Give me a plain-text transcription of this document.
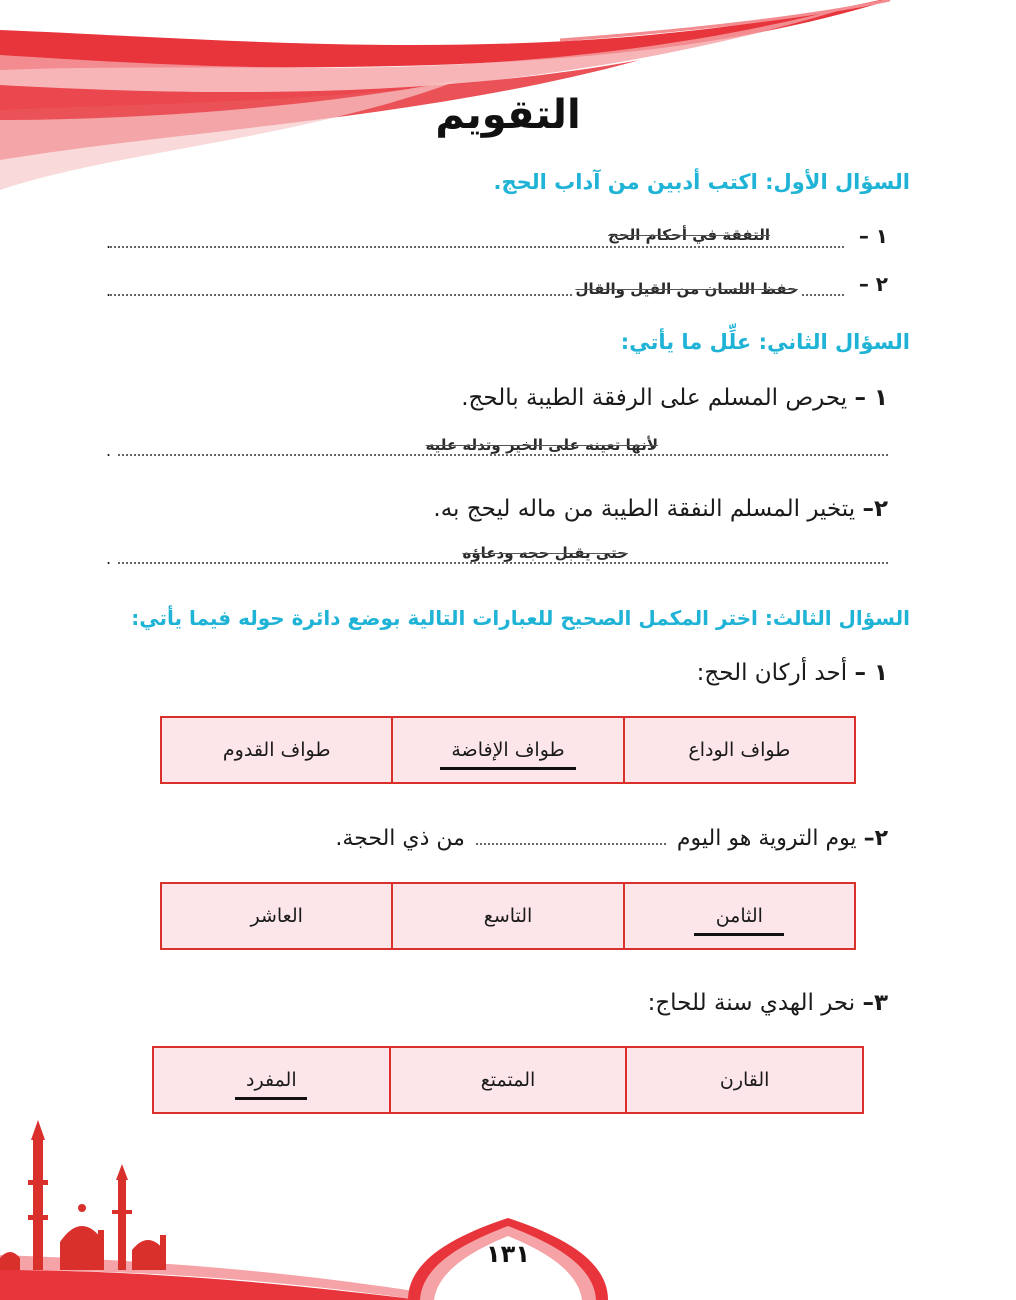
التقويم
السؤال الأول: اكتب أدبين من آداب الحج.
١ –
التفقة في أحكام الحج
.
٢ –
حفظ اللسان من القيل والقال
.
السؤال الثاني: علِّل ما يأتي:
١ – يحرص المسلم على الرفقة الطيبة بالحج.
لأنها تعينه على الخير وتدله عليه
.
٢– يتخير المسلم النفقة الطيبة من ماله ليحج به.
حتى يقبل حجه ودعاؤه
.
السؤال الثالث: اختر المكمل الصحيح للعبارات التالية بوضع دائرة حوله فيما يأتي:
١ – أحد أركان الحج:
طواف الوداع
طواف الإفاضة
طواف القدوم
٢– يوم التروية هو اليوم  من ذي الحجة.
الثامن
التاسع
العاشر
٣– نحر الهدي سنة للحاج:
القارن
المتمتع
المفرد
١٣١
